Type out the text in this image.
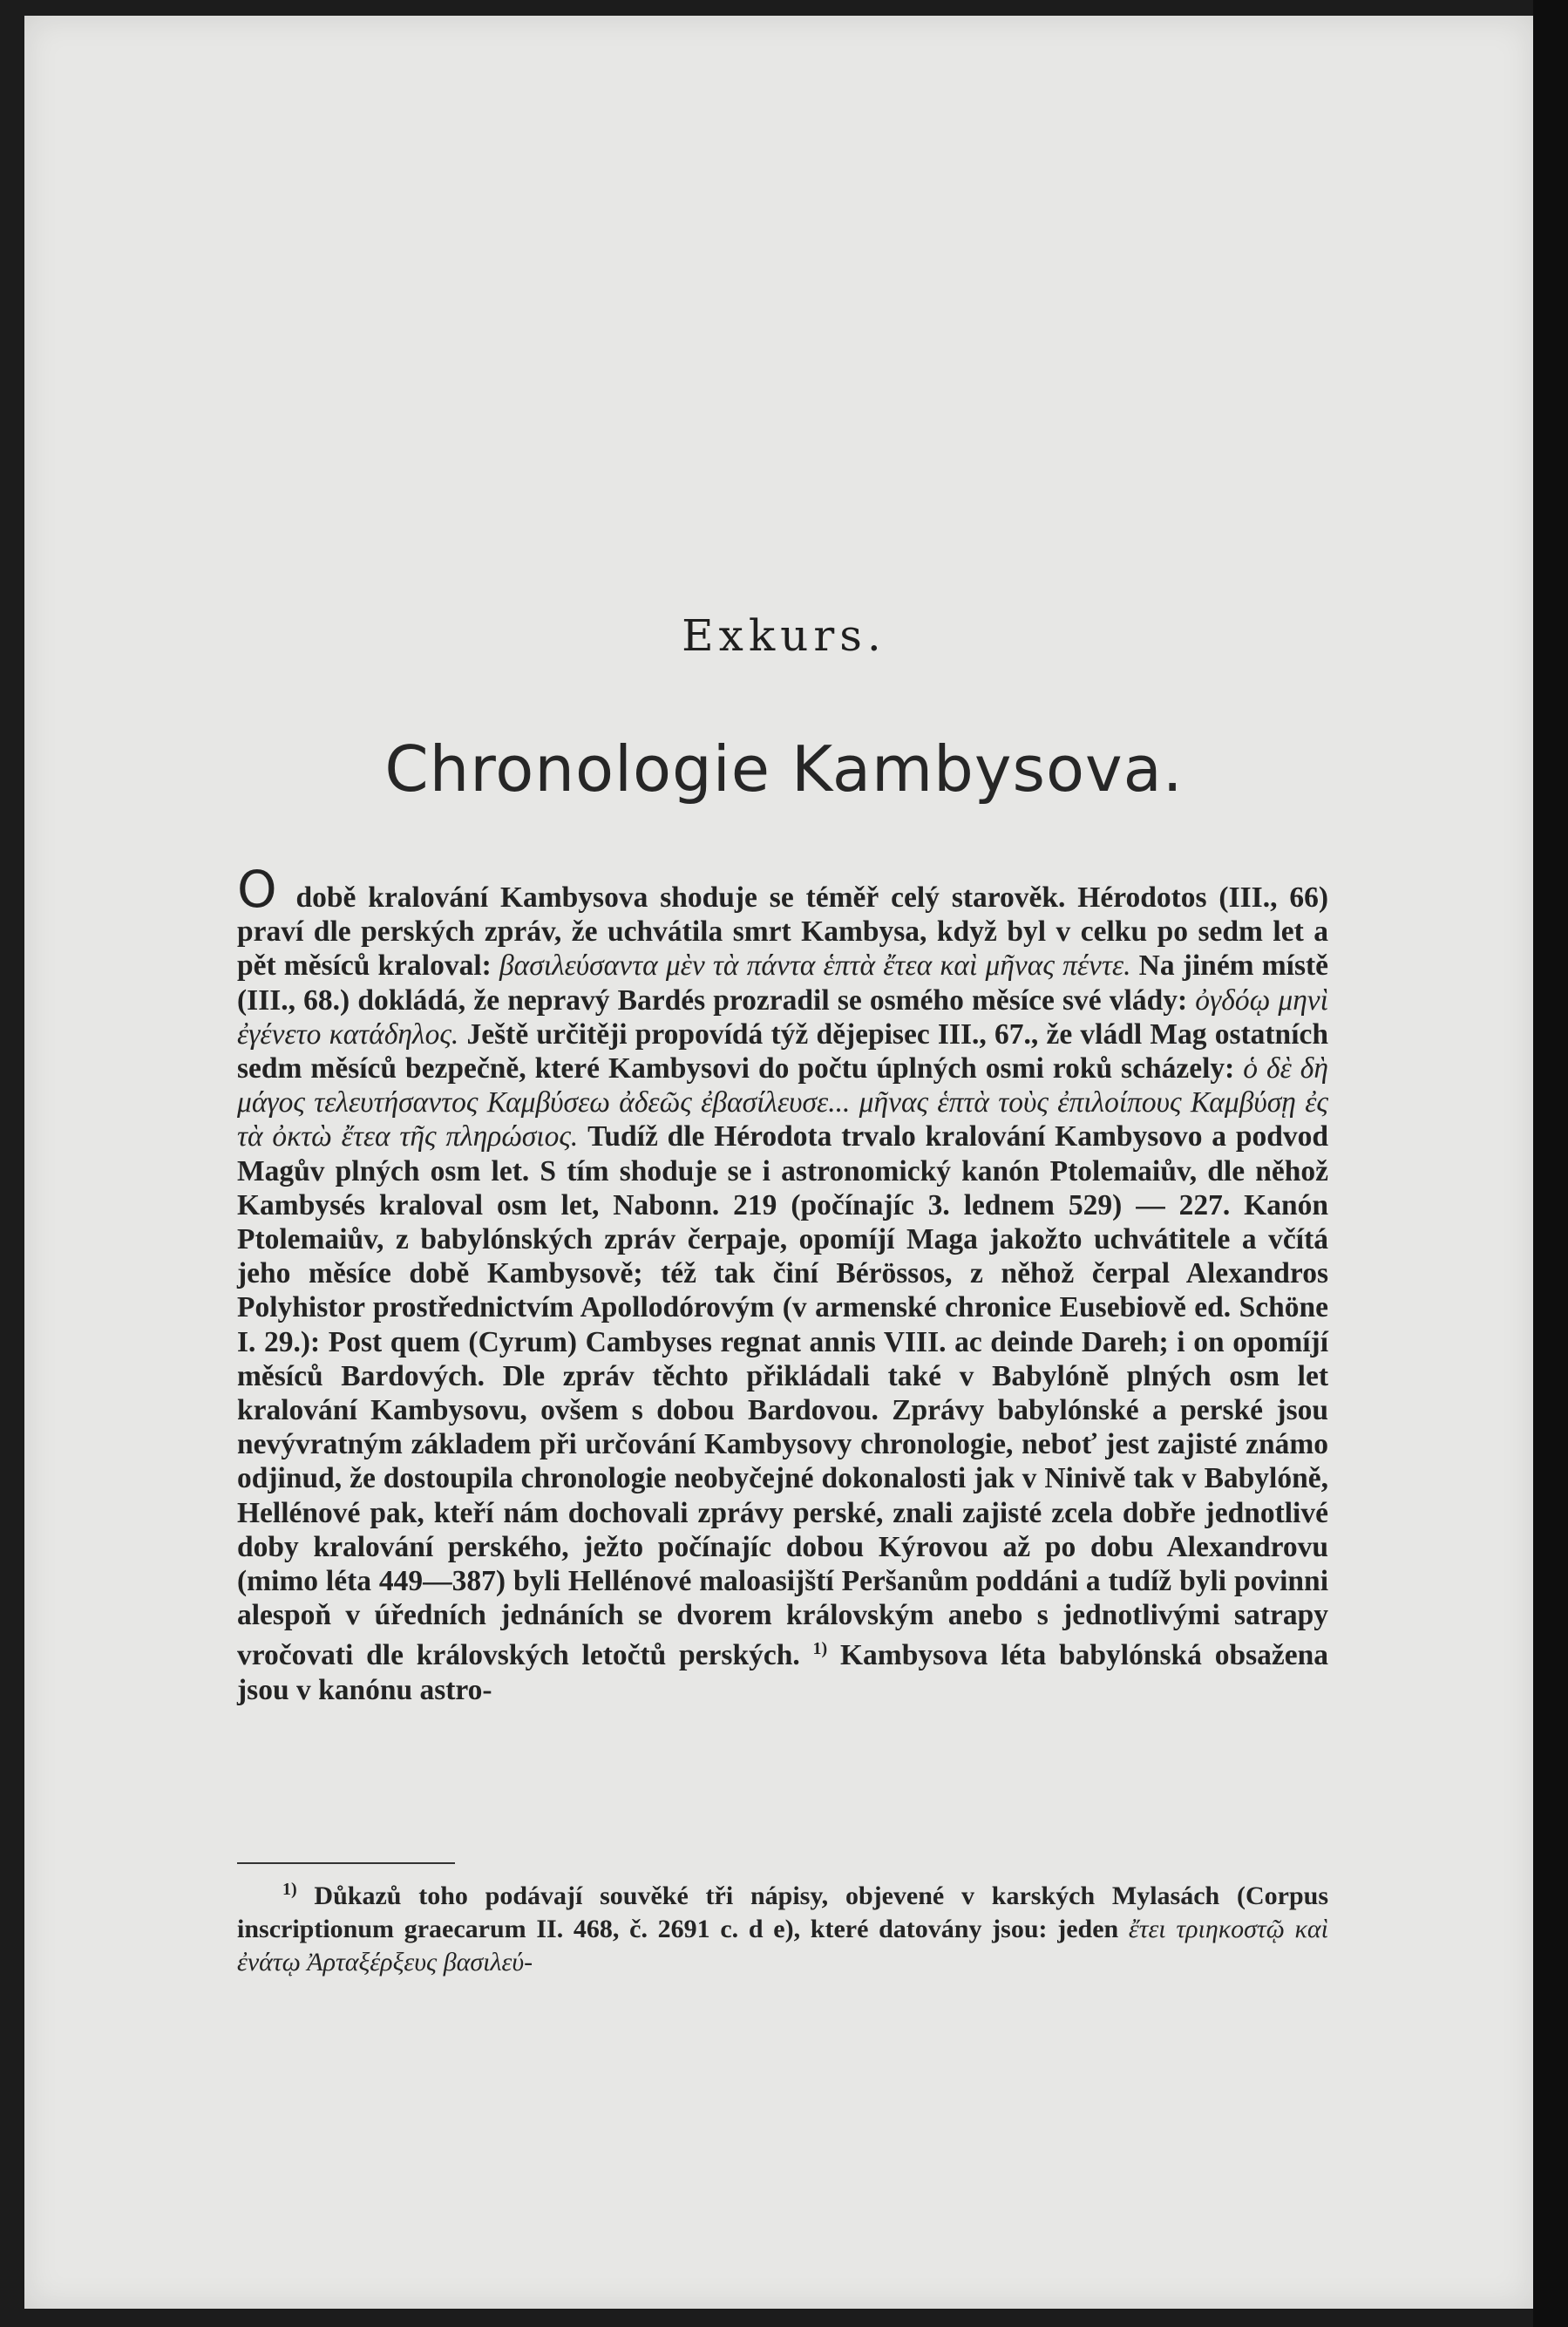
Exkurs.
Chronologie Kambysova.
O době kralování Kambysova shoduje se téměř celý starověk. Hérodotos (III., 66) praví dle perských zpráv, že uchvátila smrt Kambysa, když byl v celku po sedm let a pět měsíců kraloval: βασιλεύσαντα μὲν τὰ πάντα ἑπτὰ ἔτεα καὶ μῆνας πέντε. Na jiném místě (III., 68.) dokládá, že nepravý Bardés prozradil se osmého měsíce své vlády: ὀγδόῳ μηνὶ ἐγένετο κατάδηλος. Ještě určitěji propovídá týž dějepisec III., 67., že vládl Mag ostatních sedm měsíců bezpečně, které Kambysovi do počtu úplných osmi roků scházely: ὁ δὲ δὴ μάγος τελευτήσαντος Καμβύσεω ἀδεῶς ἐβασίλευσε... μῆνας ἑπτὰ τοὺς ἐπιλοίπους Καμβύσῃ ἐς τὰ ὀκτὼ ἔτεα τῆς πληρώσιος. Tudíž dle Hérodota trvalo kralování Kambysovo a podvod Magův plných osm let. S tím shoduje se i astronomický kanón Ptolemaiův, dle něhož Kambysés kraloval osm let, Nabonn. 219 (počínajíc 3. lednem 529) — 227. Kanón Ptolemaiův, z babylónských zpráv čerpaje, opomíjí Maga jakožto uchvátitele a včítá jeho měsíce době Kambysově; též tak činí Bérössos, z něhož čerpal Alexandros Polyhistor prostřednictvím Apollodórovým (v armenské chronice Eusebiově ed. Schöne I. 29.): Post quem (Cyrum) Cambyses regnat annis VIII. ac deinde Dareh; i on opomíjí měsíců Bardových. Dle zpráv těchto přikládali také v Babylóně plných osm let kralování Kambysovu, ovšem s dobou Bardovou. Zprávy babylónské a perské jsou nevývratným základem při určování Kambysovy chronologie, neboť jest zajisté známo odjinud, že dostoupila chronologie neobyčejné dokonalosti jak v Ninivě tak v Babylóně, Hellénové pak, kteří nám dochovali zprávy perské, znali zajisté zcela dobře jednotlivé doby kralování perského, ježto počínajíc dobou Kýrovou až po dobu Alexandrovu (mimo léta 449—387) byli Hellénové maloasijští Peršanům poddáni a tudíž byli povinni alespoň v úředních jednáních se dvorem královským anebo s jednotlivými satrapy vročovati dle královských letočtů perských. $^{1)}$ Kambysova léta babylónská obsažena jsou v kanónu astro-
$^{1)}$ Důkazů toho podávají souvěké tři nápisy, objevené v karských Mylasách (Corpus inscriptionum graecarum II. 468, č. 2691 c. d e), které datovány jsou: jeden ἔτει τριηκοστῷ καὶ ἐνάτῳ Ἀρταξέρξευς βασιλεύ-
